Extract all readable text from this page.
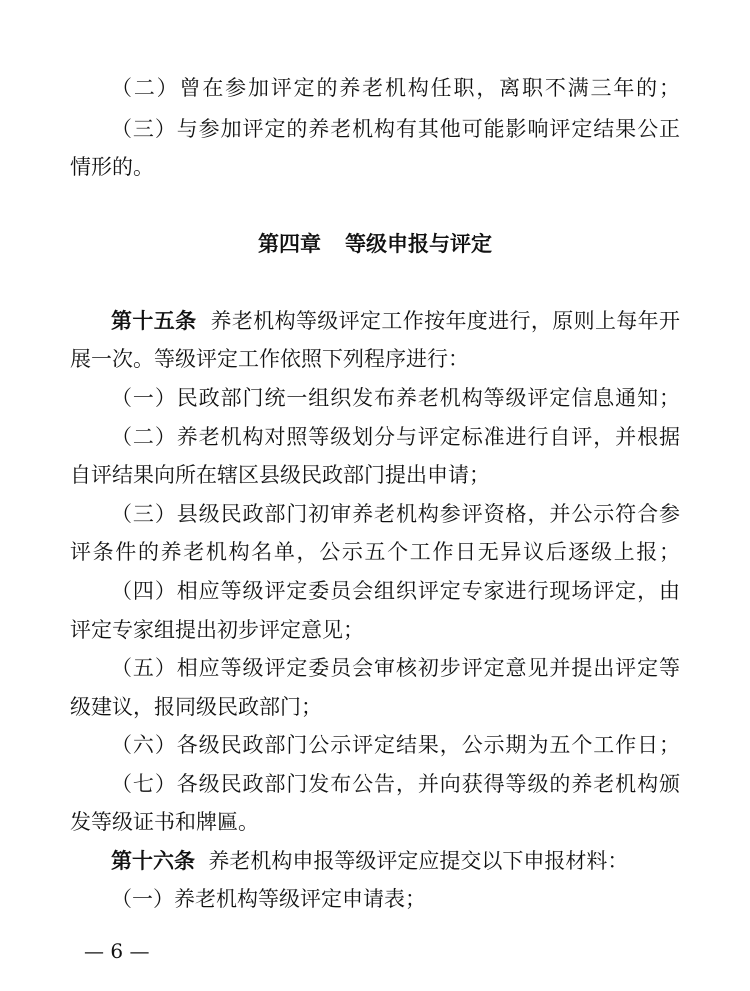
（二）曾在参加评定的养老机构任职，离职不满三年的；
（三）与参加评定的养老机构有其他可能影响评定结果公正
情形的。
第四章 等级申报与评定
第十五条 养老机构等级评定工作按年度进行，原则上每年开
展一次。等级评定工作依照下列程序进行：
（一）民政部门统一组织发布养老机构等级评定信息通知；
（二）养老机构对照等级划分与评定标准进行自评，并根据
自评结果向所在辖区县级民政部门提出申请；
（三）县级民政部门初审养老机构参评资格，并公示符合参
评条件的养老机构名单，公示五个工作日无异议后逐级上报；
（四）相应等级评定委员会组织评定专家进行现场评定，由
评定专家组提出初步评定意见；
（五）相应等级评定委员会审核初步评定意见并提出评定等
级建议，报同级民政部门；
（六）各级民政部门公示评定结果，公示期为五个工作日；
（七）各级民政部门发布公告，并向获得等级的养老机构颁
发等级证书和牌匾。
第十六条 养老机构申报等级评定应提交以下申报材料：
（一）养老机构等级评定申请表；
— 6 —
